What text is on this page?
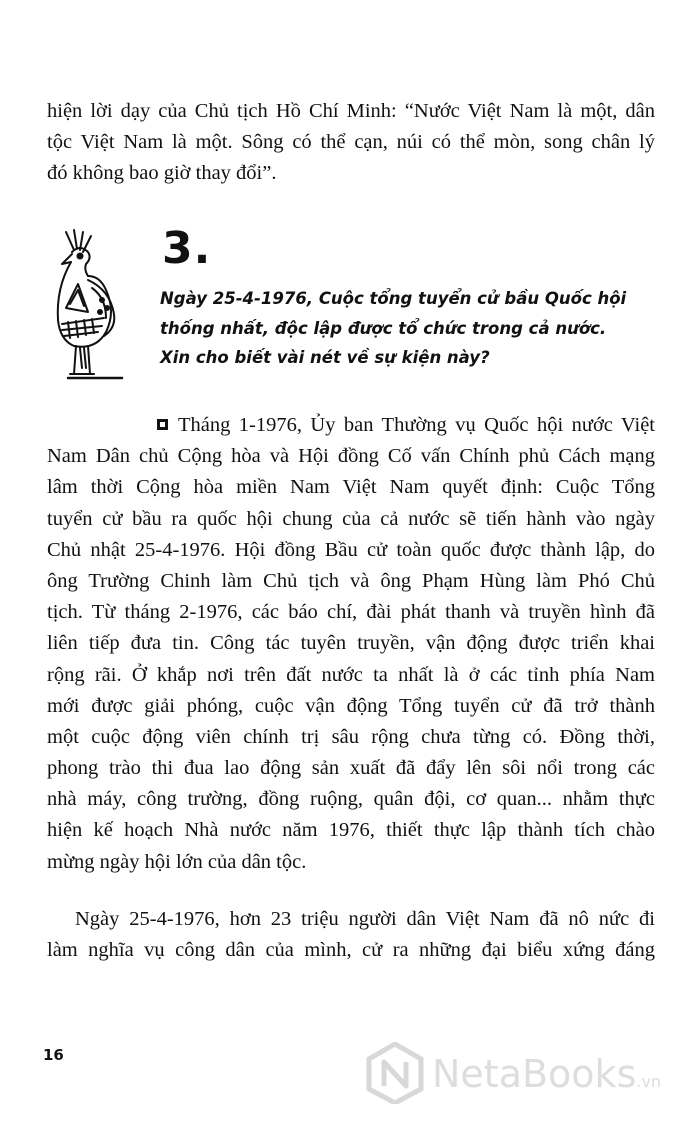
hiện lời dạy của Chủ tịch Hồ Chí Minh: “Nước Việt Nam là một, dân
tộc Việt Nam là một. Sông có thể cạn, núi có thể mòn, song chân lý
đó không bao giờ thay đổi”.
3.
Ngày 25-4-1976, Cuộc tổng tuyển cử bầu Quốc hội
thống nhất, độc lập được tổ chức trong cả nước.
Xin cho biết vài nét về sự kiện này?
Tháng 1-1976, Ủy ban Thường vụ Quốc hội nước Việt
Nam Dân chủ Cộng hòa và Hội đồng Cố vấn Chính phủ Cách mạng
lâm thời Cộng hòa miền Nam Việt Nam quyết định: Cuộc Tổng
tuyển cử bầu ra quốc hội chung của cả nước sẽ tiến hành vào ngày
Chủ nhật 25-4-1976. Hội đồng Bầu cử toàn quốc được thành lập, do
ông Trường Chinh làm Chủ tịch và ông Phạm Hùng làm Phó Chủ
tịch. Từ tháng 2-1976, các báo chí, đài phát thanh và truyền hình đã
liên tiếp đưa tin. Công tác tuyên truyền, vận động được triển khai
rộng rãi. Ở khắp nơi trên đất nước ta nhất là ở các tỉnh phía Nam
mới được giải phóng, cuộc vận động Tổng tuyển cử đã trở thành
một cuộc động viên chính trị sâu rộng chưa từng có. Đồng thời,
phong trào thi đua lao động sản xuất đã đẩy lên sôi nổi trong các
nhà máy, công trường, đồng ruộng, quân đội, cơ quan... nhằm thực
hiện kế hoạch Nhà nước năm 1976, thiết thực lập thành tích chào
mừng ngày hội lớn của dân tộc.
Ngày 25-4-1976, hơn 23 triệu người dân Việt Nam đã nô nức đi
làm nghĩa vụ công dân của mình, cử ra những đại biểu xứng đáng
16	NetaBooks.vn
